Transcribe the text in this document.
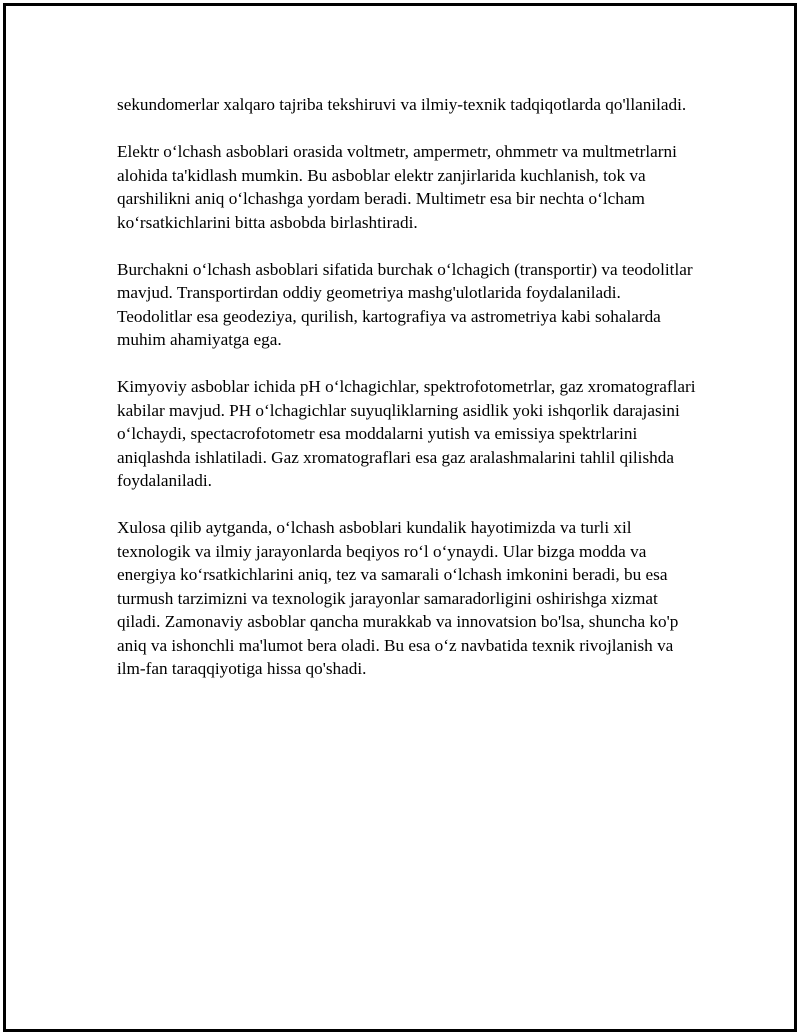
sekundomerlar xalqaro tajriba tekshiruvi va ilmiy-texnik tadqiqotlarda qo'llaniladi.

Elektr o‘lchash asboblari orasida voltmetr, ampermetr, ohmmetr va multmetrlarni alohida ta'kidlash mumkin. Bu asboblar elektr zanjirlarida kuchlanish, tok va qarshilikni aniq o‘lchashga yordam beradi. Multimetr esa bir nechta o‘lcham ko‘rsatkichlarini bitta asbobda birlashtiradi.

Burchakni o‘lchash asboblari sifatida burchak o‘lchagich (transportir) va teodolitlar mavjud. Transportirdan oddiy geometriya mashg'ulotlarida foydalaniladi. Teodolitlar esa geodeziya, qurilish, kartografiya va astrometriya kabi sohalarda muhim ahamiyatga ega.

Kimyoviy asboblar ichida pH o‘lchagichlar, spektrofotometrlar, gaz xromatograflari kabilar mavjud. PH o‘lchagichlar suyuqliklarning asidlik yoki ishqorlik darajasini o‘lchaydi, spectacrofotometr esa moddalarni yutish va emissiya spektrlarini aniqlashda ishlatiladi. Gaz xromatograflari esa gaz aralashmalarini tahlil qilishda foydalaniladi.

Xulosa qilib aytganda, o‘lchash asboblari kundalik hayotimizda va turli xil texnologik va ilmiy jarayonlarda beqiyos ro‘l o‘ynaydi. Ular bizga modda va energiya ko‘rsatkichlarini aniq, tez va samarali o‘lchash imkonini beradi, bu esa turmush tarzimizni va texnologik jarayonlar samaradorligini oshirishga xizmat qiladi. Zamonaviy asboblar qancha murakkab va innovatsion bo'lsa, shuncha ko'p aniq va ishonchli ma'lumot bera oladi. Bu esa o‘z navbatida texnik rivojlanish va ilm-fan taraqqiyotiga hissa qo'shadi.
